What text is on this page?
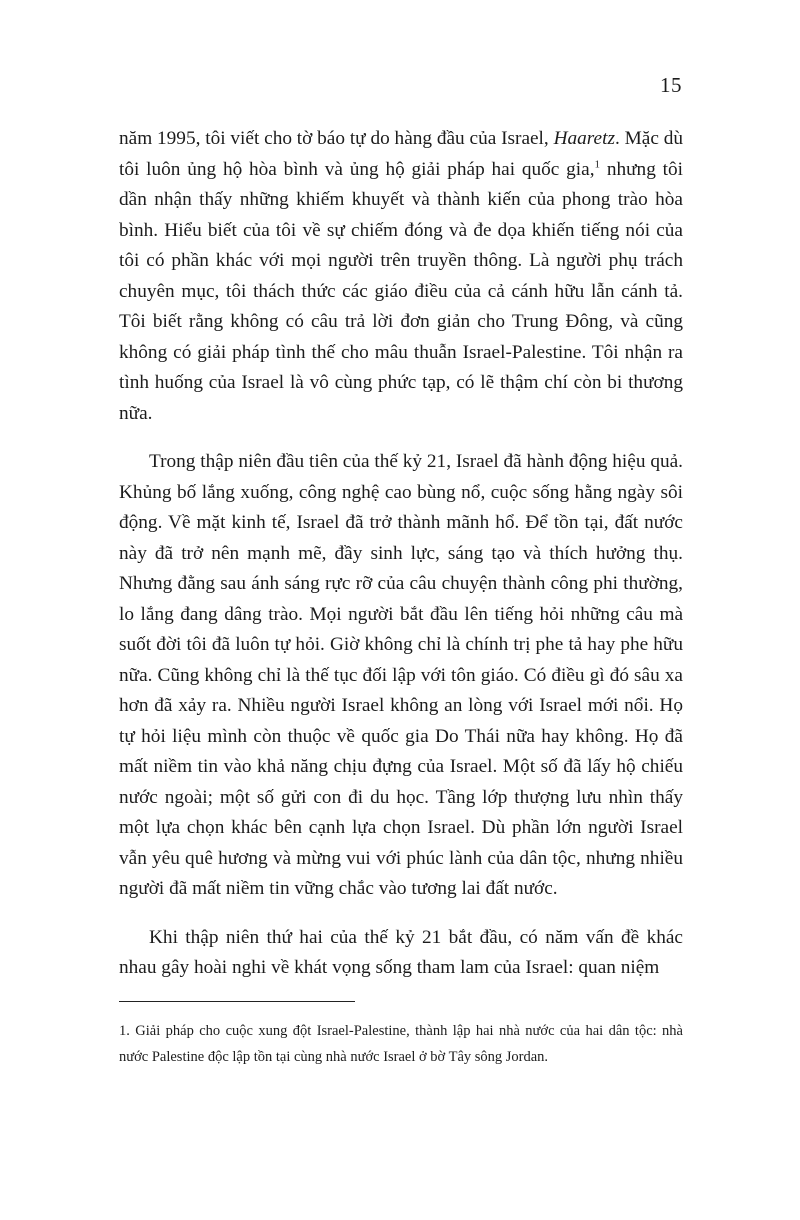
15

năm 1995, tôi viết cho tờ báo tự do hàng đầu của Israel, Haaretz. Mặc dù tôi luôn ủng hộ hòa bình và ủng hộ giải pháp hai quốc gia,$^1$ nhưng tôi dần nhận thấy những khiếm khuyết và thành kiến của phong trào hòa bình. Hiểu biết của tôi về sự chiếm đóng và đe dọa khiến tiếng nói của tôi có phần khác với mọi người trên truyền thông. Là người phụ trách chuyên mục, tôi thách thức các giáo điều của cả cánh hữu lẫn cánh tả. Tôi biết rằng không có câu trả lời đơn giản cho Trung Đông, và cũng không có giải pháp tình thế cho mâu thuẫn Israel-Palestine. Tôi nhận ra tình huống của Israel là vô cùng phức tạp, có lẽ thậm chí còn bi thương nữa.

Trong thập niên đầu tiên của thế kỷ 21, Israel đã hành động hiệu quả. Khủng bố lắng xuống, công nghệ cao bùng nổ, cuộc sống hằng ngày sôi động. Về mặt kinh tế, Israel đã trở thành mãnh hổ. Để tồn tại, đất nước này đã trở nên mạnh mẽ, đầy sinh lực, sáng tạo và thích hưởng thụ. Nhưng đằng sau ánh sáng rực rỡ của câu chuyện thành công phi thường, lo lắng đang dâng trào. Mọi người bắt đầu lên tiếng hỏi những câu mà suốt đời tôi đã luôn tự hỏi. Giờ không chỉ là chính trị phe tả hay phe hữu nữa. Cũng không chỉ là thế tục đối lập với tôn giáo. Có điều gì đó sâu xa hơn đã xảy ra. Nhiều người Israel không an lòng với Israel mới nổi. Họ tự hỏi liệu mình còn thuộc về quốc gia Do Thái nữa hay không. Họ đã mất niềm tin vào khả năng chịu đựng của Israel. Một số đã lấy hộ chiếu nước ngoài; một số gửi con đi du học. Tầng lớp thượng lưu nhìn thấy một lựa chọn khác bên cạnh lựa chọn Israel. Dù phần lớn người Israel vẫn yêu quê hương và mừng vui với phúc lành của dân tộc, nhưng nhiều người đã mất niềm tin vững chắc vào tương lai đất nước.

Khi thập niên thứ hai của thế kỷ 21 bắt đầu, có năm vấn đề khác nhau gây hoài nghi về khát vọng sống tham lam của Israel: quan niệm

1. Giải pháp cho cuộc xung đột Israel-Palestine, thành lập hai nhà nước của hai dân tộc: nhà nước Palestine độc lập tồn tại cùng nhà nước Israel ở bờ Tây sông Jordan.
